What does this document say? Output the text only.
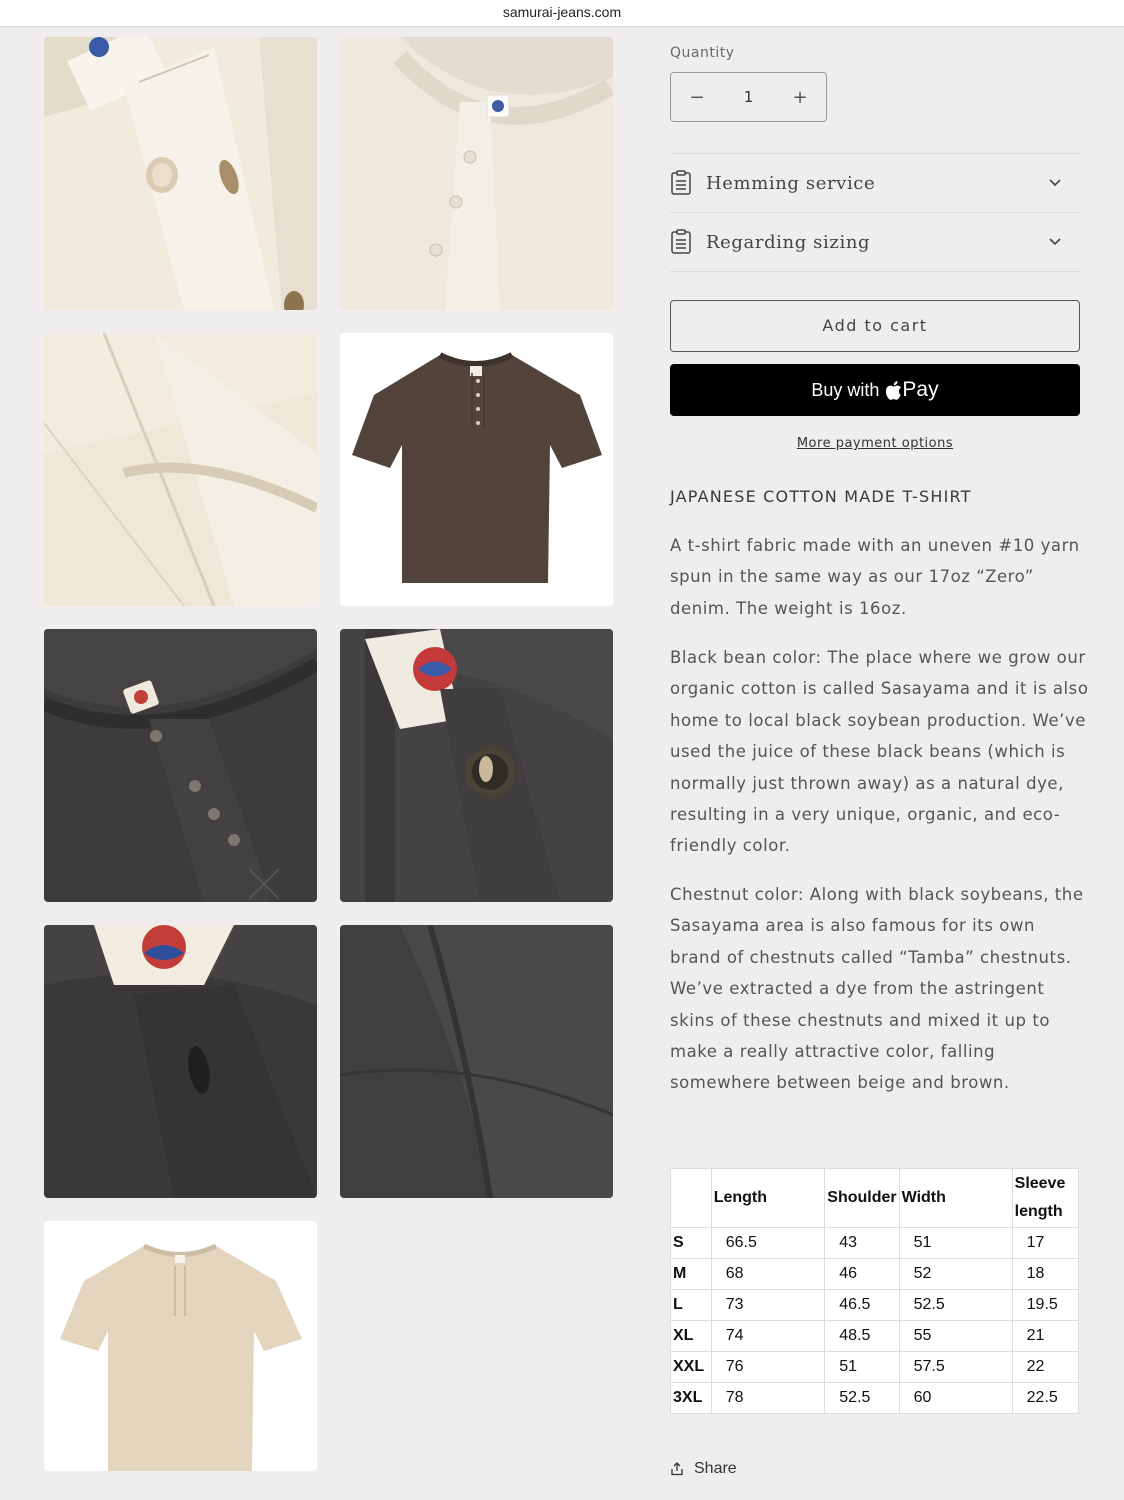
samurai-jeans.com
Quantity
−	1	+
Hemming service
Regarding sizing
Add to cart
Buy with
Pay
More payment options
JAPANESE COTTON MADE T-SHIRT

A t-shirt fabric made with an uneven #10 yarn spun in the same way as our 17oz “Zero” denim. The weight is 16oz.

Black bean color: The place where we grow our organic cotton is called Sasayama and it is also home to local black soybean production. We’ve used the juice of these black beans (which is normally just thrown away) as a natural dye, resulting in a very unique, organic, and eco-friendly color.

Chestnut color: Along with black soybeans, the Sasayama area is also famous for its own brand of chestnuts called “Tamba” chestnuts. We’ve extracted a dye from the astringent skins of these chestnuts and mixed it up to make a really attractive color, falling somewhere between beige and brown.

	Length	Shoulder	Width	Sleeve length
S	66.5	43	51	17
M	68	46	52	18
L	73	46.5	52.5	19.5
XL	74	48.5	55	21
XXL	76	51	57.5	22
3XL	78	52.5	60	22.5
Share
